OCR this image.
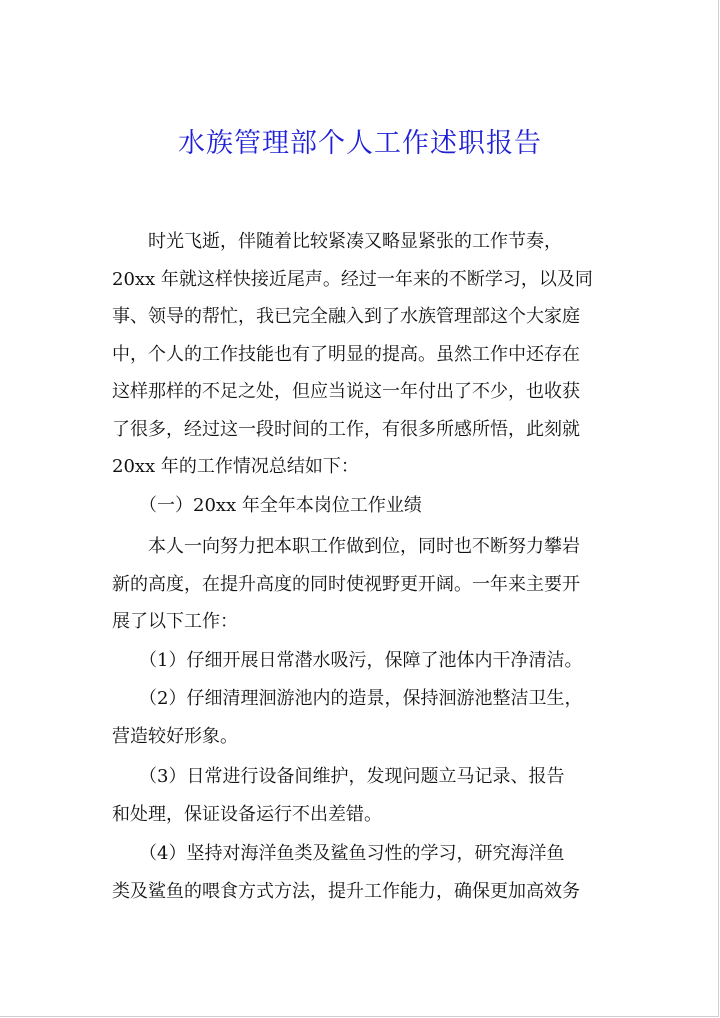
水族管理部个人工作述职报告
　　时光飞逝，伴随着比较紧凑又略显紧张的工作节奏，
20xx 年就这样快接近尾声。经过一年来的不断学习，以及同
事、领导的帮忙，我已完全融入到了水族管理部这个大家庭
中，个人的工作技能也有了明显的提高。虽然工作中还存在
这样那样的不足之处，但应当说这一年付出了不少，也收获
了很多，经过这一段时间的工作，有很多所感所悟，此刻就
20xx 年的工作情况总结如下：
　　（一）20xx 年全年本岗位工作业绩
　　本人一向努力把本职工作做到位，同时也不断努力攀岩
新的高度，在提升高度的同时使视野更开阔。一年来主要开
展了以下工作：
　　（1）仔细开展日常潜水吸污，保障了池体内干净清洁。
　　（2）仔细清理洄游池内的造景，保持洄游池整洁卫生，
营造较好形象。
　　（3）日常进行设备间维护，发现问题立马记录、报告
和处理，保证设备运行不出差错。
　　（4）坚持对海洋鱼类及鲨鱼习性的学习，研究海洋鱼
类及鲨鱼的喂食方式方法，提升工作能力，确保更加高效务
